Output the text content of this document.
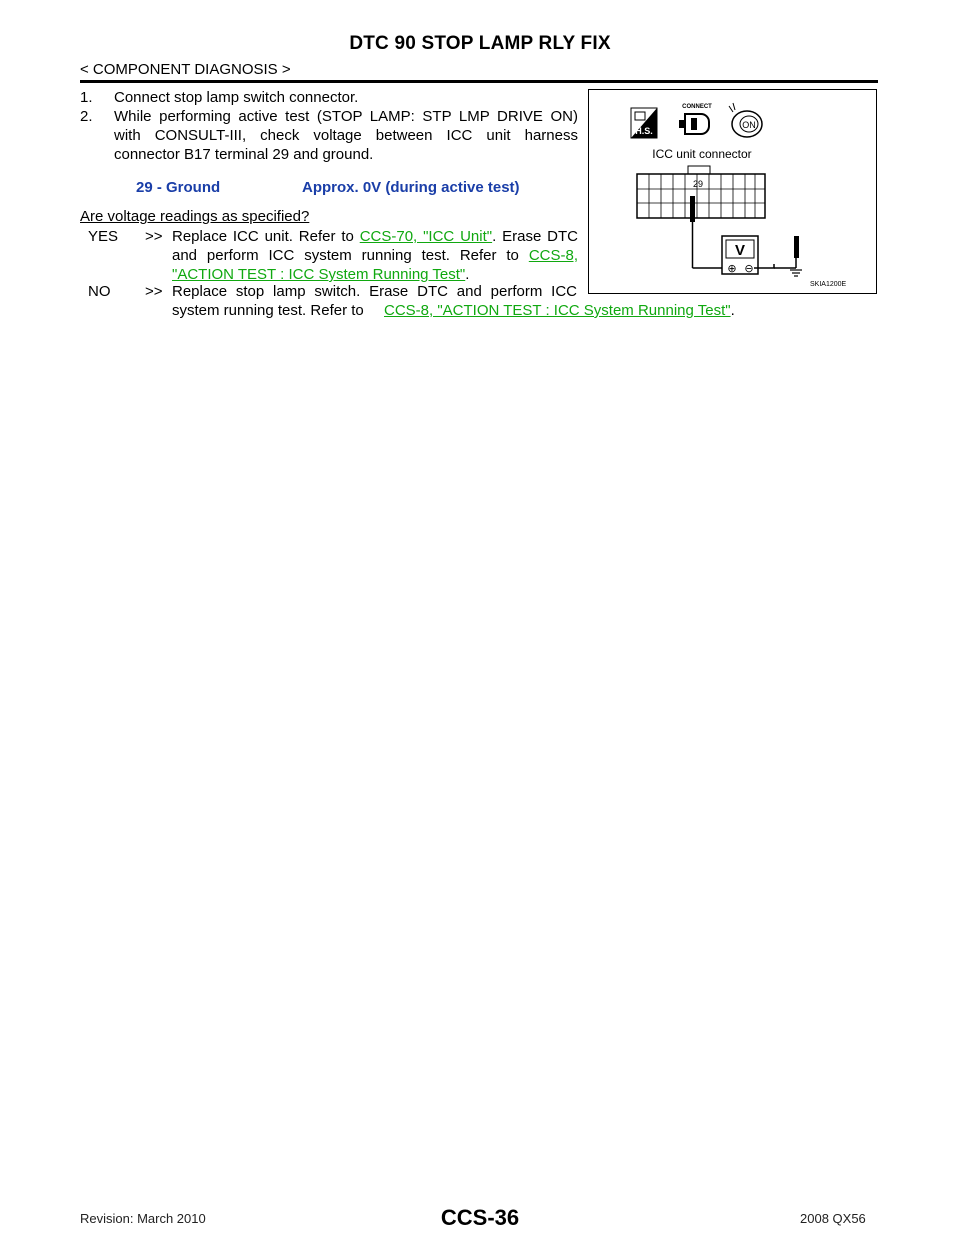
DTC 90 STOP LAMP RLY FIX
< COMPONENT DIAGNOSIS >
1. Connect stop lamp switch connector.
2. While performing active test (STOP LAMP: STP LMP DRIVE ON) with CONSULT-III, check voltage between ICC unit harness connector B17 terminal 29 and ground.
29 - Ground	Approx. 0V (during active test)
Are voltage readings as specified?
YES >> Replace ICC unit. Refer to CCS-70, "ICC Unit". Erase DTC and perform ICC system running test. Refer to CCS-8, "ACTION TEST : ICC System Running Test".
NO >> Replace stop lamp switch. Erase DTC and perform ICC system running test. Refer to	CCS-8, "ACTION TEST : ICC System Running Test".
H.S.
CONNECT
ON
ICC unit connector
29
V
⊕ ⊖
SKIA1200E
CCS-36
Revision: March 2010	2008 QX56
